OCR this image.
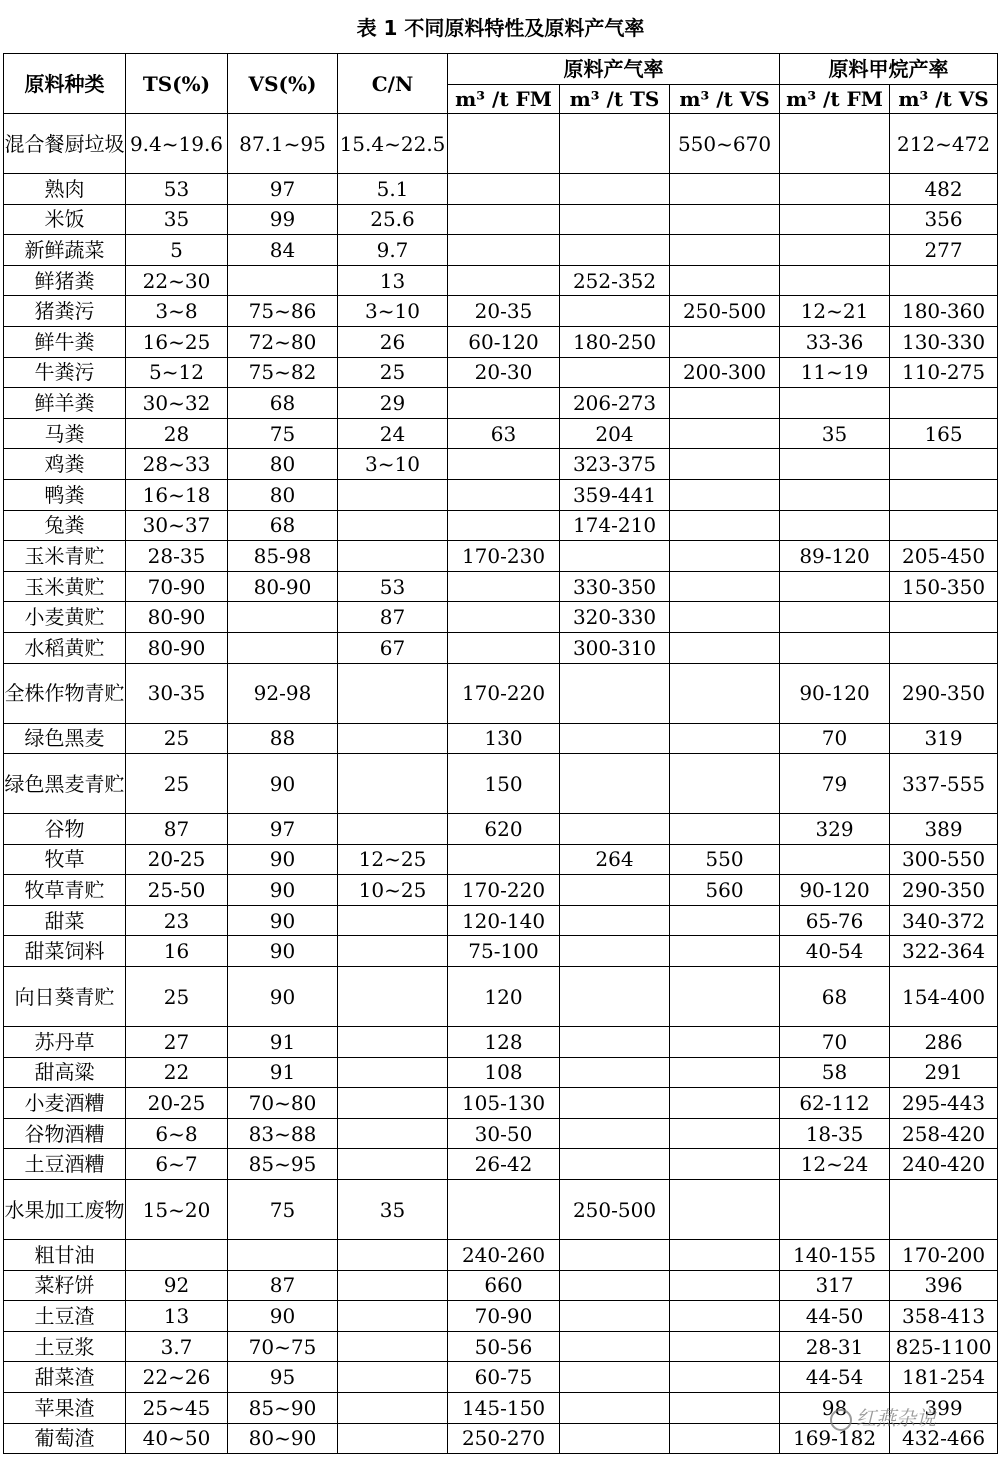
表 1 不同原料特性及原料产气率
原料种类	TS(%)	VS(%)	C/N	原料产气率			原料甲烷产率	
				m³ /t FM	m³ /t TS	m³ /t VS	m³ /t FM	m³ /t VS
混合餐厨垃圾	9.4~19.6	87.1~95	15.4~22.5			550~670		212~472
熟肉	53	97	5.1					482
米饭	35	99	25.6					356
新鲜蔬菜	5	84	9.7					277
鲜猪粪	22~30		13		252-352			
猪粪污	3~8	75~86	3~10	20-35		250-500	12~21	180-360
鲜牛粪	16~25	72~80	26	60-120	180-250		33-36	130-330
牛粪污	5~12	75~82	25	20-30		200-300	11~19	110-275
鲜羊粪	30~32	68	29		206-273			
马粪	28	75	24	63	204		35	165
鸡粪	28~33	80	3~10		323-375			
鸭粪	16~18	80			359-441			
兔粪	30~37	68			174-210			
玉米青贮	28-35	85-98		170-230			89-120	205-450
玉米黄贮	70-90	80-90	53		330-350			150-350
小麦黄贮	80-90		87		320-330			
水稻黄贮	80-90		67		300-310			
全株作物青贮	30-35	92-98		170-220			90-120	290-350
绿色黑麦	25	88		130			70	319
绿色黑麦青贮	25	90		150			79	337-555
谷物	87	97		620			329	389
牧草	20-25	90	12~25		264	550		300-550
牧草青贮	25-50	90	10~25	170-220		560	90-120	290-350
甜菜	23	90		120-140			65-76	340-372
甜菜饲料	16	90		75-100			40-54	322-364
向日葵青贮	25	90		120			68	154-400
苏丹草	27	91		128			70	286
甜高粱	22	91		108			58	291
小麦酒糟	20-25	70~80		105-130			62-112	295-443
谷物酒糟	6~8	83~88		30-50			18-35	258-420
土豆酒糟	6~7	85~95		26-42			12~24	240-420
水果加工废物	15~20	75	35		250-500			
粗甘油				240-260			140-155	170-200
菜籽饼	92	87		660			317	396
土豆渣	13	90		70-90			44-50	358-413
土豆浆	3.7	70~75		50-56			28-31	825-1100
甜菜渣	22~26	95		60-75			44-54	181-254
苹果渣	25~45	85~90		145-150			98	399
葡萄渣	40~50	80~90		250-270			169-182	432-466
红燕杂说
